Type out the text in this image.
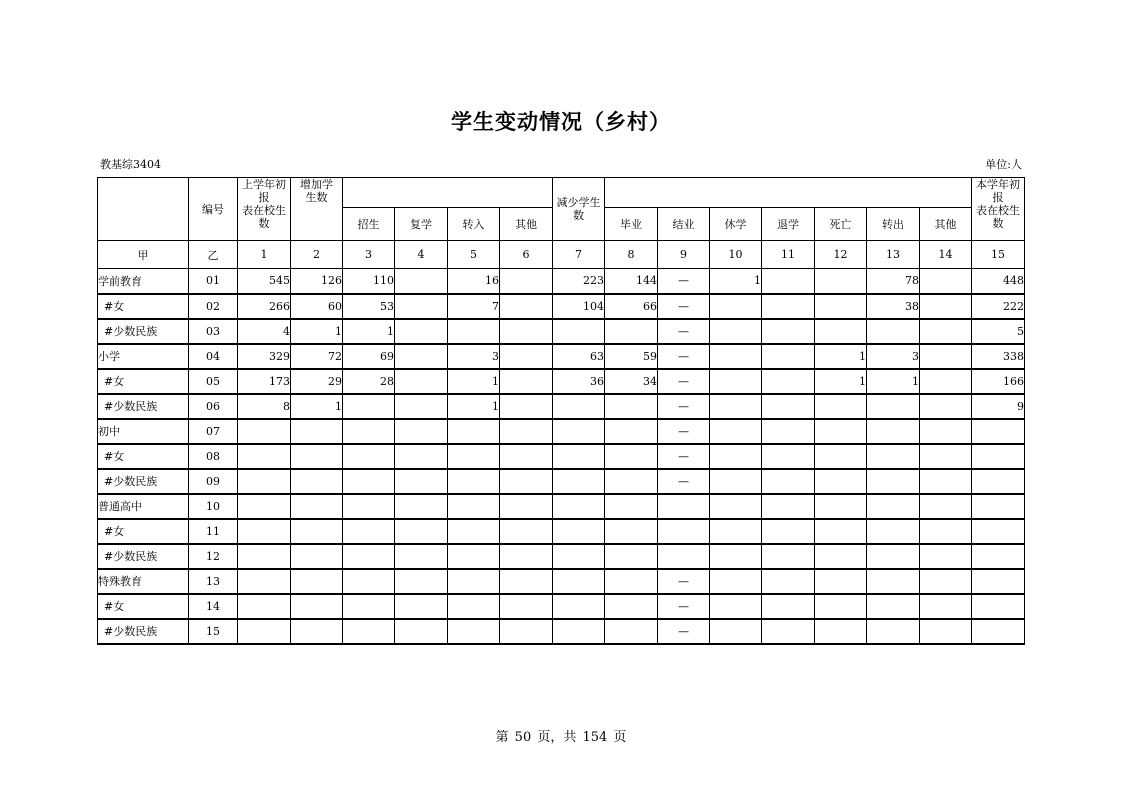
学生变动情况（乡村）
教基综3404	单位:人
	编号	上学年初报
表在校生数	增加学生数					减少学生数								本学年初报
表在校生数
				招生	复学	转入	其他		毕业	结业	休学	退学	死亡	转出	其他	
甲	乙	1	2	3	4	5	6	7	8	9	10	11	12	13	14	15
学前教育	01	545	126	110		16		223	144	—	1			78		448
#女	02	266	60	53		7		104	66	—				38		222
#少数民族	03	4	1	1						—						5
小学	04	329	72	69		3		63	59	—			1	3		338
#女	05	173	29	28		1		36	34	—			1	1		166
#少数民族	06	8	1			1				—						9
初中	07									—						
#女	08									—						
#少数民族	09									—						
普通高中	10															
#女	11															
#少数民族	12															
特殊教育	13									—						
#女	14									—						
#少数民族	15									—						
第 50 页，共 154 页
